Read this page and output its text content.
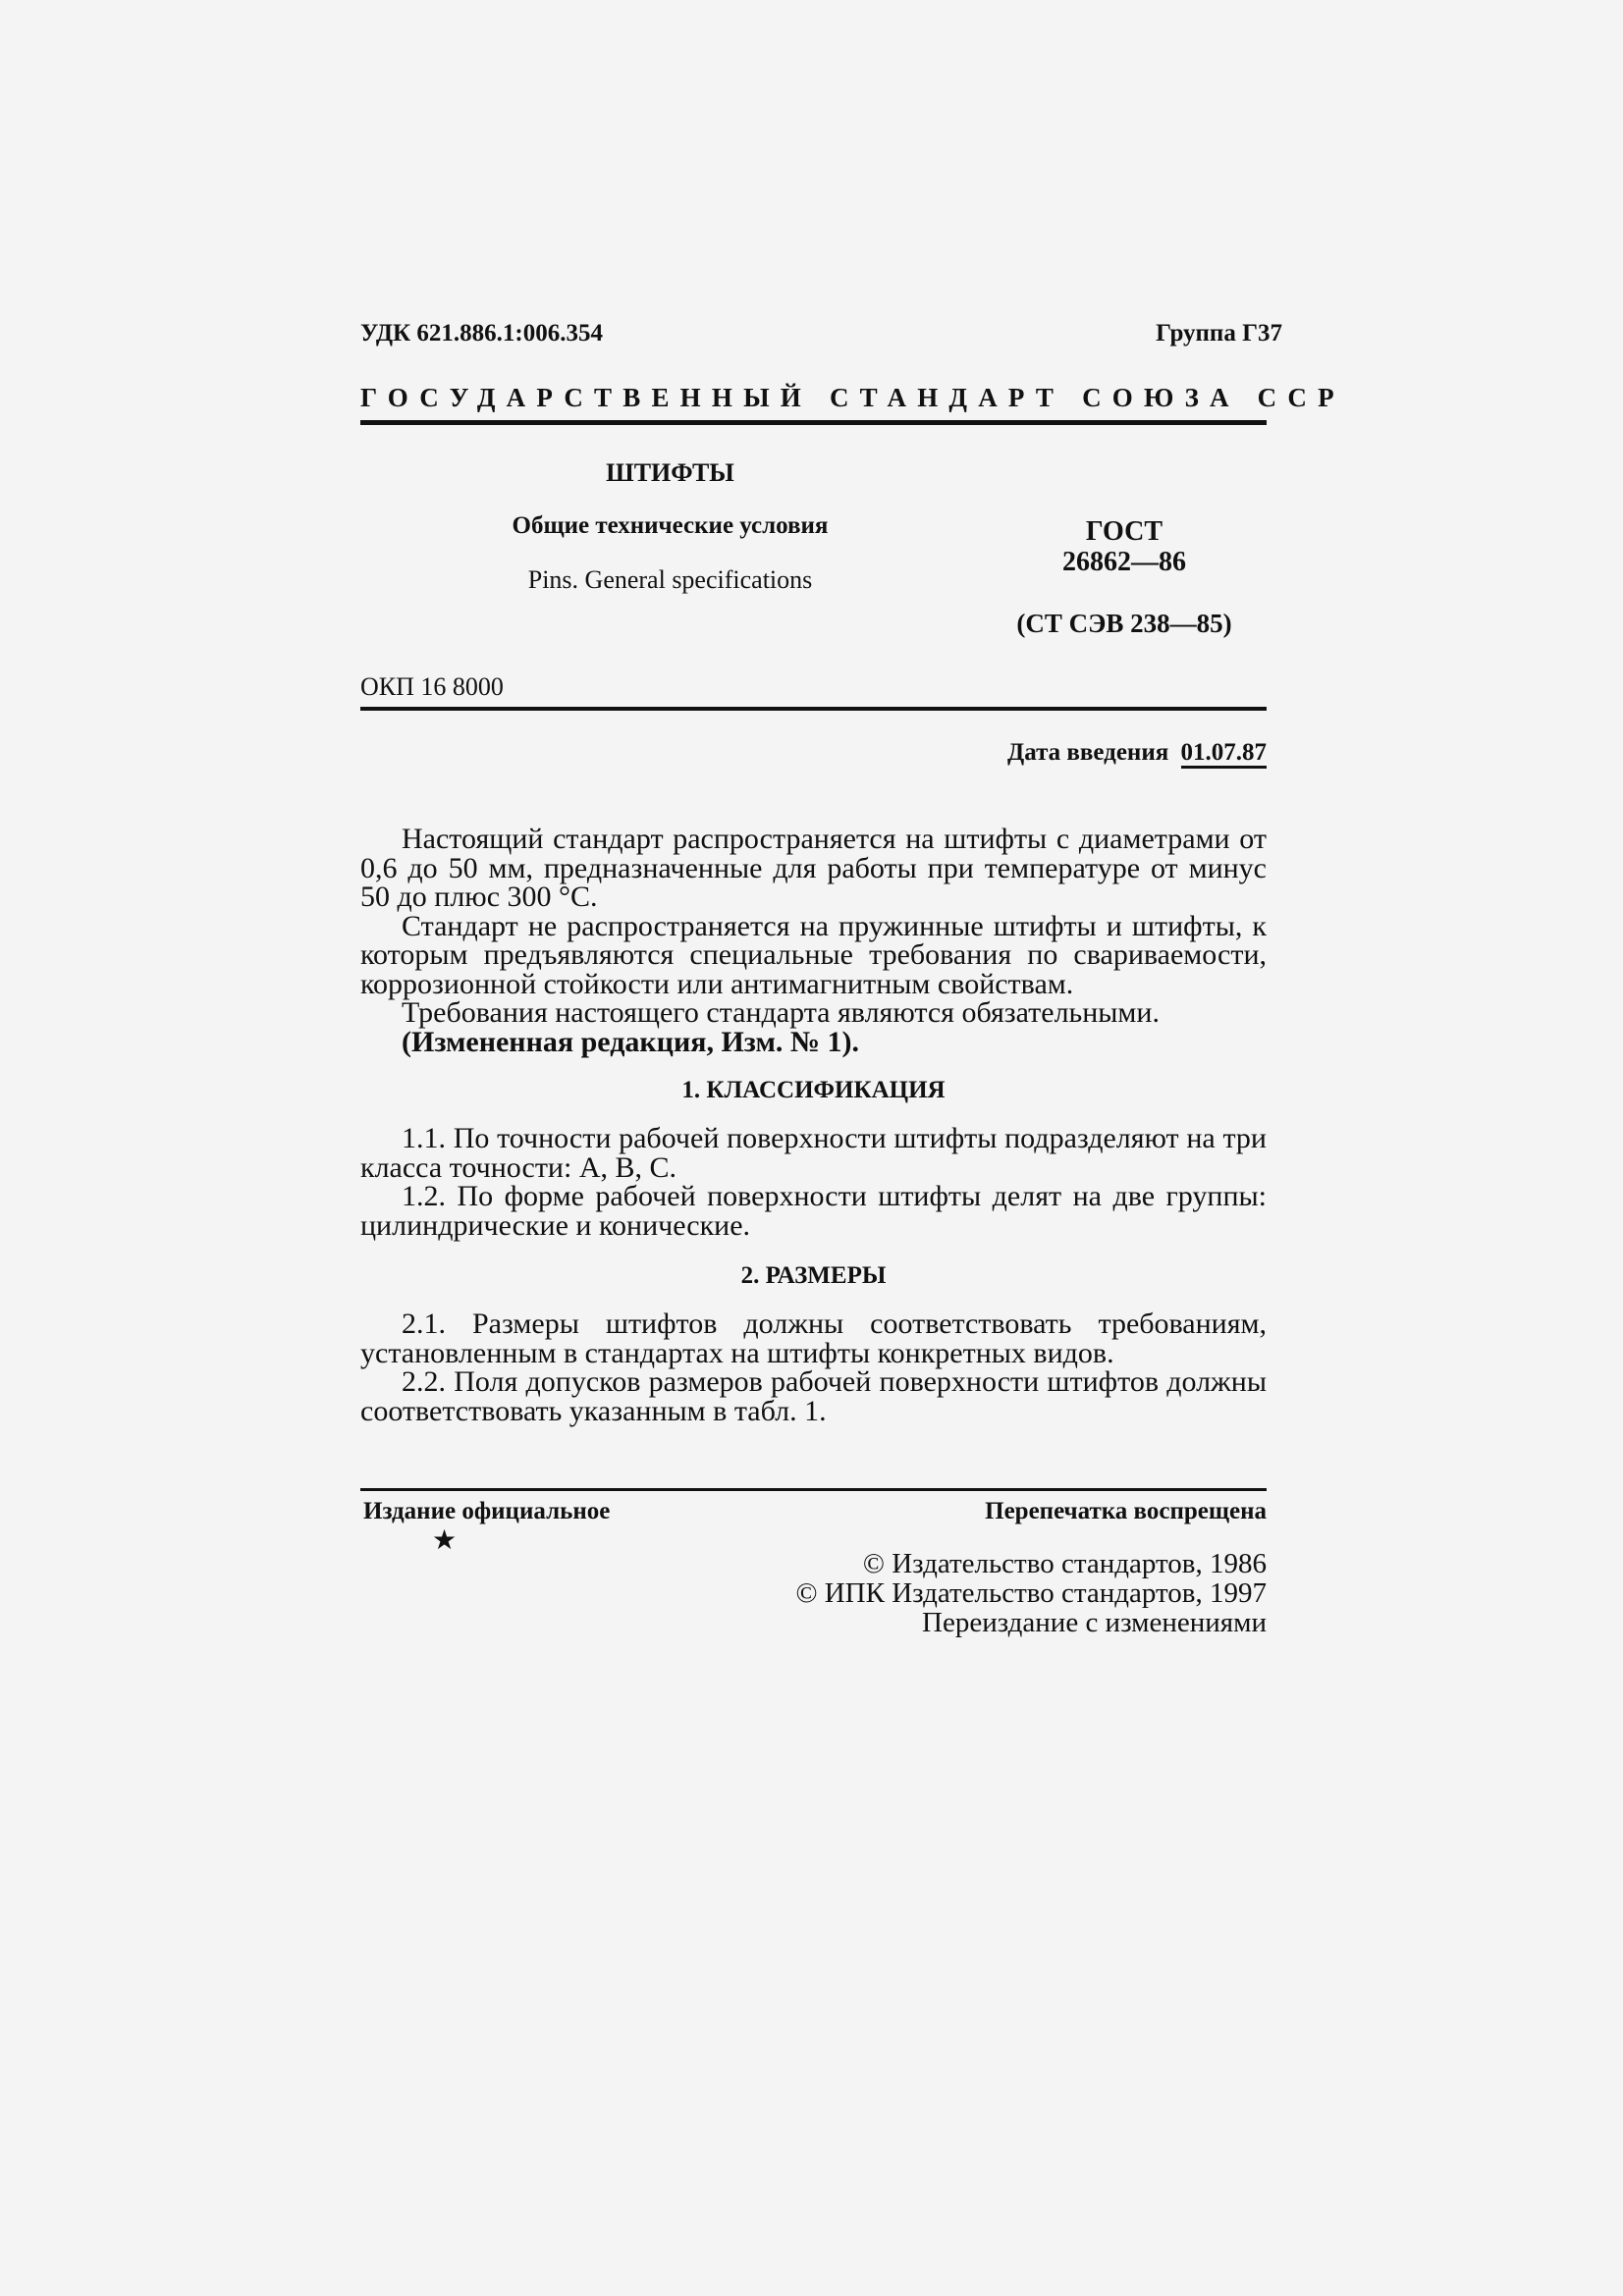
УДК 621.886.1:006.354	Группа Г37
ГОСУДАРСТВЕННЫЙ СТАНДАРТ СОЮЗА ССР
ШТИФТЫ
Общие технические условия
Pins. General specifications
ГОСТ
26862—86
(СТ СЭВ 238—85)
ОКП 16 8000
Дата введения 01.07.87

Настоящий стандарт распространяется на штифты с диаметрами от 0,6 до 50 мм, предназначенные для работы при температуре от минус 50 до плюс 300 °С.

Стандарт не распространяется на пружинные штифты и штифты, к которым предъявляются специальные требования по свариваемости, коррозионной стойкости или антимагнитным свойствам.

Требования настоящего стандарта являются обязательными.

(Измененная редакция, Изм. № 1).

1. КЛАССИФИКАЦИЯ

1.1. По точности рабочей поверхности штифты подразделяют на три класса точности: А, В, С.

1.2. По форме рабочей поверхности штифты делят на две группы: цилиндрические и конические.

2. РАЗМЕРЫ

2.1. Размеры штифтов должны соответствовать требованиям, установленным в стандартах на штифты конкретных видов.

2.2. Поля допусков размеров рабочей поверхности штифтов должны соответствовать указанным в табл. 1.

Издание официальное
★
Перепечатка воспрещена
© Издательство стандартов, 1986
© ИПК Издательство стандартов, 1997
Переиздание с изменениями
